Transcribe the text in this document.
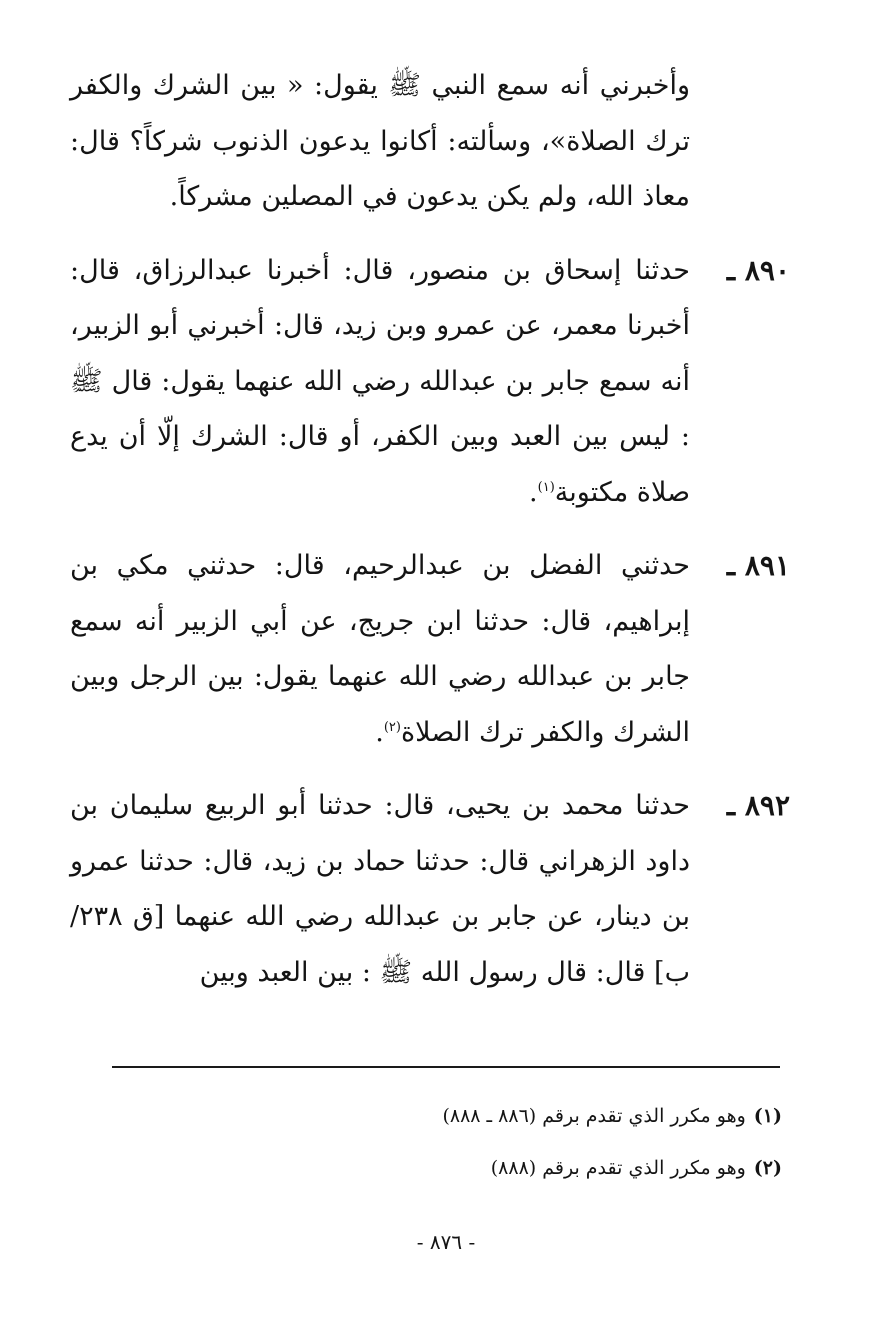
وأخبرني أنه سمع النبي ﷺ يقول: « بين الشرك والكفر ترك الصلاة»، وسألته: أكانوا يدعون الذنوب شركاً؟ قال: معاذ الله، ولم يكن يدعون في المصلين مشركاً.

٨٩٠ ـ
حدثنا إسحاق بن منصور، قال: أخبرنا عبدالرزاق، قال: أخبرنا معمر، عن عمرو وبن زيد، قال: أخبرني أبو الزبير، أنه سمع جابر بن عبدالله رضي الله عنهما يقول: قال ﷺ : ليس بين العبد وبين الكفر، أو قال: الشرك إلّا أن يدع صلاة مكتوبة$^{(١)}$.

٨٩١ ـ
حدثني الفضل بن عبدالرحيم، قال: حدثني مكي بن إبراهيم، قال: حدثنا ابن جريج، عن أبي الزبير أنه سمع جابر بن عبدالله رضي الله عنهما يقول: بين الرجل وبين الشرك والكفر ترك الصلاة$^{(٢)}$.

٨٩٢ ـ
حدثنا محمد بن يحيى، قال: حدثنا أبو الربيع سليمان بن داود الزهراني قال: حدثنا حماد بن زيد، قال: حدثنا عمرو بن دينار، عن جابر بن عبدالله رضي الله عنهما [ق ٢٣٨/ب] قال: قال رسول الله ﷺ : بين العبد وبين

(١)وهو مكرر الذي تقدم برقم (٨٨٦ ـ ٨٨٨)
(٢)وهو مكرر الذي تقدم برقم (٨٨٨)
- ٨٧٦ -
